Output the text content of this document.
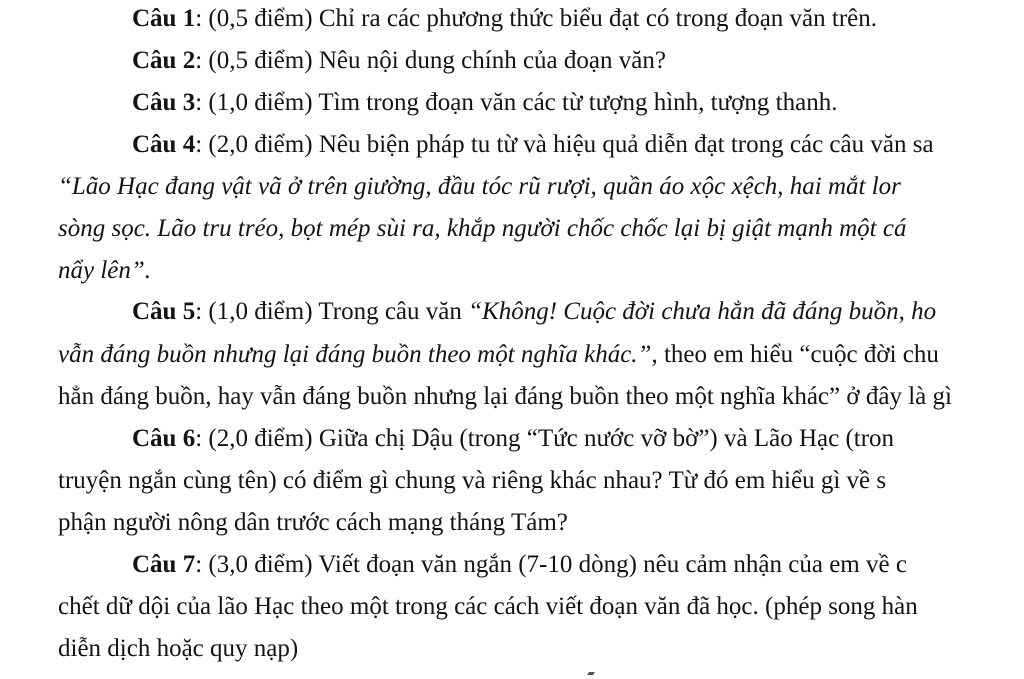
Câu 1: (0,5 điểm) Chỉ ra các phương thức biểu đạt có trong đoạn văn trên.
Câu 2: (0,5 điểm) Nêu nội dung chính của đoạn văn?
Câu 3: (1,0 điểm) Tìm trong đoạn văn các từ tượng hình, tượng thanh.
Câu 4: (2,0 điểm) Nêu biện pháp tu từ và hiệu quả diễn đạt trong các câu văn sa
“Lão Hạc đang vật vã ở trên giường, đầu tóc rũ rượi, quần áo xộc xệch, hai mắt lor
sòng sọc. Lão tru tréo, bọt mép sùi ra, khắp người chốc chốc lại bị giật mạnh một cá
nẩy lên”.
Câu 5: (1,0 điểm) Trong câu văn “Không! Cuộc đời chưa hẳn đã đáng buồn, ho
vẫn đáng buồn nhưng lại đáng buồn theo một nghĩa khác.”, theo em hiểu “cuộc đời chu
hẳn đáng buồn, hay vẫn đáng buồn nhưng lại đáng buồn theo một nghĩa khác” ở đây là gì
Câu 6: (2,0 điểm) Giữa chị Dậu (trong “Tức nước vỡ bờ”) và Lão Hạc (tron
truyện ngắn cùng tên) có điểm gì chung và riêng khác nhau? Từ đó em hiểu gì về s
phận người nông dân trước cách mạng tháng Tám?
Câu 7: (3,0 điểm) Viết đoạn văn ngắn (7-10 dòng) nêu cảm nhận của em về c
chết dữ dội của lão Hạc theo một trong các cách viết đoạn văn đã học. (phép song hàn
diễn dịch hoặc quy nạp)
